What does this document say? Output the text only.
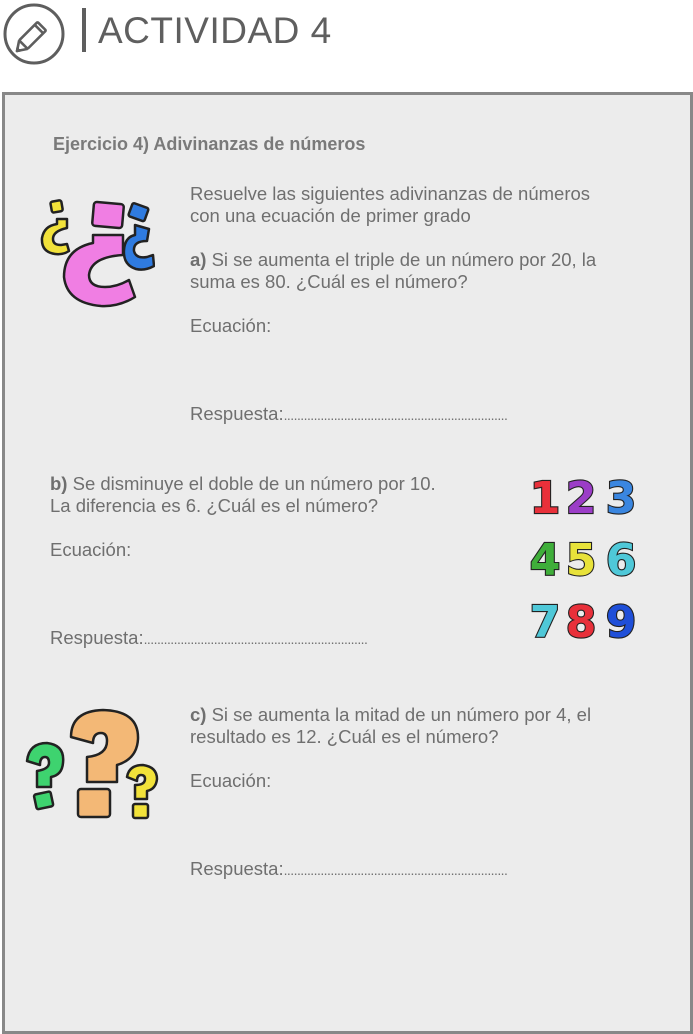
ACTIVIDAD 4
Ejercicio 4) Adivinanzas de números
Resuelve las siguientes adivinanzas de números
con una ecuación de primer grado
a) Si se aumenta el triple de un número por 20, la
suma es 80. ¿Cuál es el número?
Ecuación:
Respuesta:...................................................................
b) Se disminuye el doble de un número por 10.
La diferencia es 6. ¿Cuál es el número?
Ecuación:
Respuesta:...................................................................
1 2 3
4 5 6
7 8 9
c) Si se aumenta la mitad de un número por 4, el
resultado es 12. ¿Cuál es el número?
Ecuación:
Respuesta:...................................................................
